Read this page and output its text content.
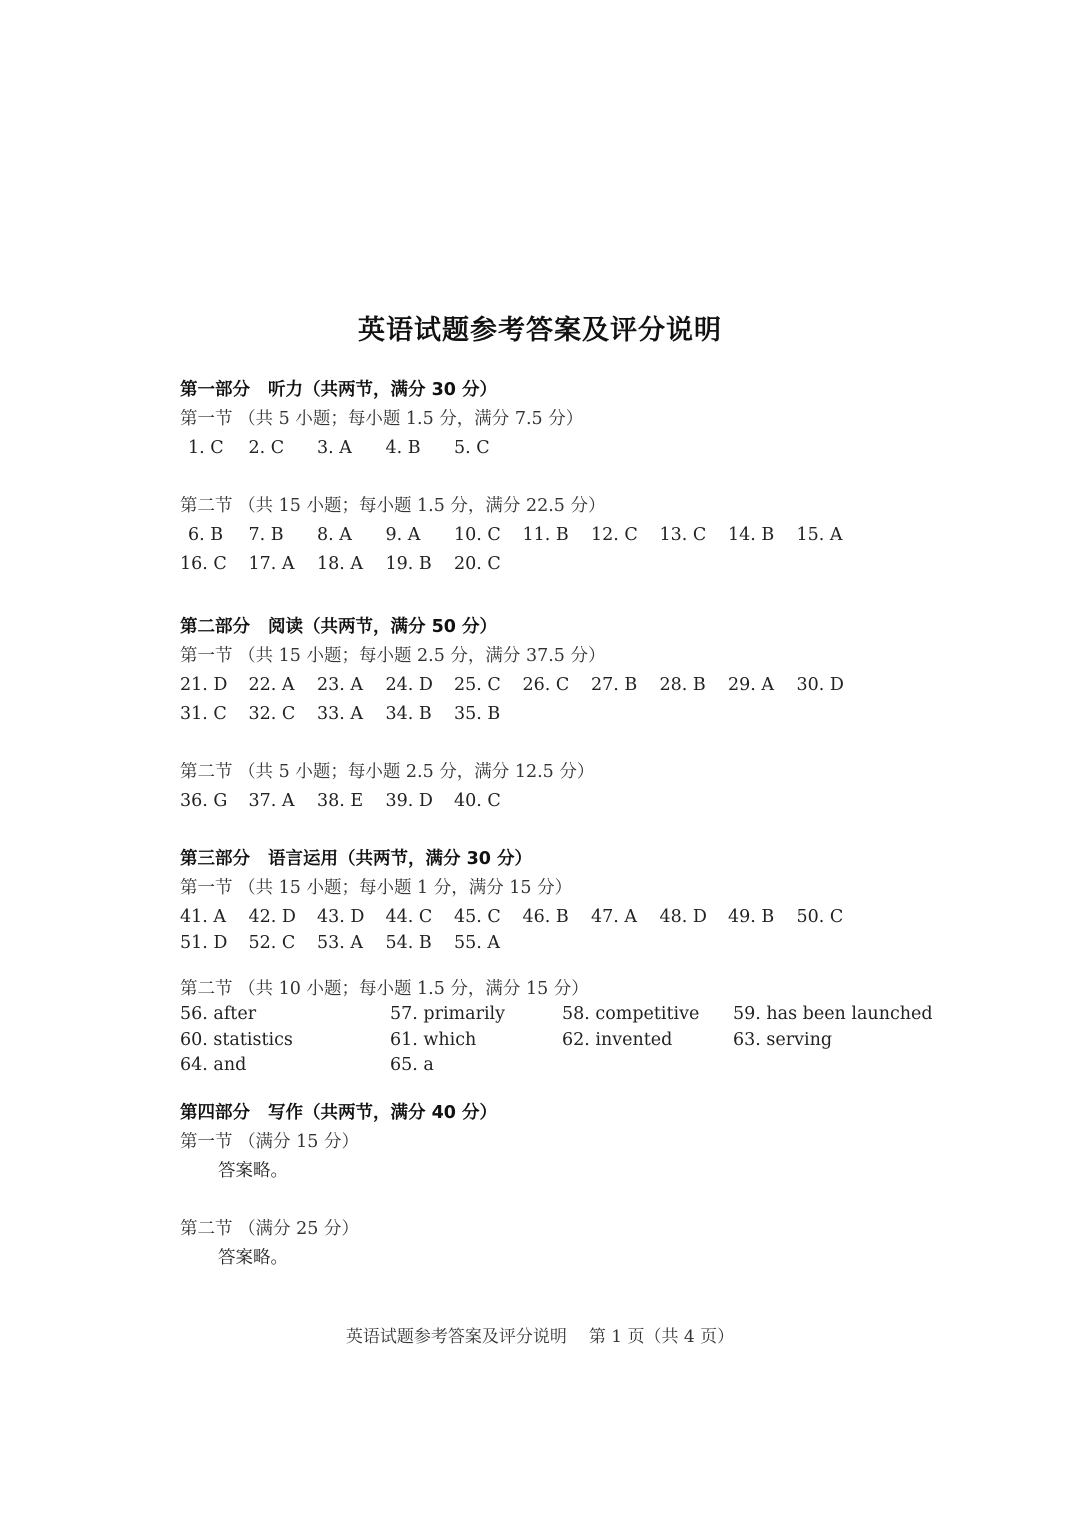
英语试题参考答案及评分说明
第一部分 听力（共两节，满分 30 分）
第一节 （共 5 小题；每小题 1.5 分，满分 7.5 分）
1. C	2. C	3. A	4. B	5. C
第二节 （共 15 小题；每小题 1.5 分，满分 22.5 分）
6. B	7. B	8. A	9. A	10. C	11. B	12. C	13. C	14. B	15. A
16. C	17. A	18. A	19. B	20. C
第二部分 阅读（共两节，满分 50 分）
第一节 （共 15 小题；每小题 2.5 分，满分 37.5 分）
21. D	22. A	23. A	24. D	25. C	26. C	27. B	28. B	29. A	30. D
31. C	32. C	33. A	34. B	35. B
第二节 （共 5 小题；每小题 2.5 分，满分 12.5 分）
36. G	37. A	38. E	39. D	40. C
第三部分 语言运用（共两节，满分 30 分）
第一节 （共 15 小题；每小题 1 分，满分 15 分）
41. A	42. D	43. D	44. C	45. C	46. B	47. A	48. D	49. B	50. C
51. D	52. C	53. A	54. B	55. A
第二节 （共 10 小题；每小题 1.5 分，满分 15 分）
56. after	57. primarily	58. competitive	59. has been launched
60. statistics	61. which	62. invented	63. serving
64. and	65. a
第四部分 写作（共两节，满分 40 分）
第一节 （满分 15 分）
答案略。
第二节 （满分 25 分）
答案略。
英语试题参考答案及评分说明 第 1 页（共 4 页）
